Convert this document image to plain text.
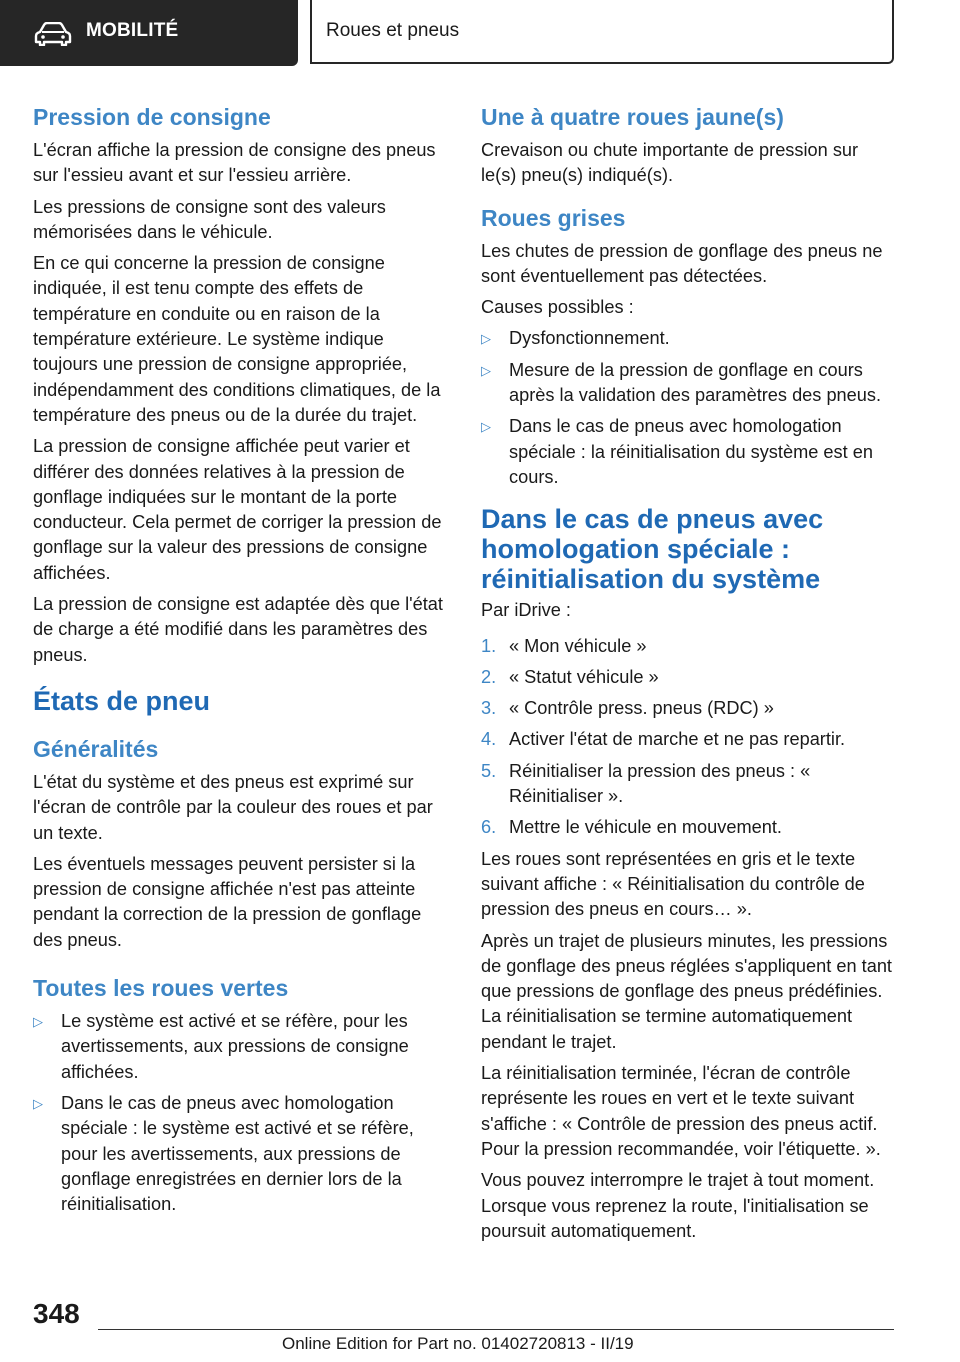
MOBILITÉ	Roues et pneus
Pression de consigne

L'écran affiche la pression de consigne des pneus sur l'essieu avant et sur l'essieu arrière.

Les pressions de consigne sont des valeurs mémorisées dans le véhicule.

En ce qui concerne la pression de consigne indiquée, il est tenu compte des effets de température en conduite ou en raison de la température extérieure. Le système indique toujours une pression de consigne appropriée, indépendamment des conditions climatiques, de la température des pneus ou de la durée du trajet.

La pression de consigne affichée peut varier et différer des données relatives à la pression de gonflage indiquées sur le montant de la porte conducteur. Cela permet de corriger la pression de gonflage sur la valeur des pressions de consigne affichées.

La pression de consigne est adaptée dès que l'état de charge a été modifié dans les paramètres des pneus.

États de pneu
Généralités

L'état du système et des pneus est exprimé sur l'écran de contrôle par la couleur des roues et par un texte.

Les éventuels messages peuvent persister si la pression de consigne affichée n'est pas atteinte pendant la correction de la pression de gonflage des pneus.

Toutes les roues vertes
▷ Le système est activé et se réfère, pour les avertissements, aux pressions de consigne affichées.
▷ Dans le cas de pneus avec homologation spéciale : le système est activé et se réfère, pour les avertissements, aux pressions de gonflage enregistrées en dernier lors de la réinitialisation.
Une à quatre roues jaune(s)

Crevaison ou chute importante de pression sur le(s) pneu(s) indiqué(s).

Roues grises

Les chutes de pression de gonflage des pneus ne sont éventuellement pas détectées.

Causes possibles :

▷ Dysfonctionnement.
▷ Mesure de la pression de gonflage en cours après la validation des paramètres des pneus.
▷ Dans le cas de pneus avec homologation spéciale : la réinitialisation du système est en cours.
Dans le cas de pneus avec homologation spéciale : réinitialisation du système

Par iDrive :

1. « Mon véhicule »
2. « Statut véhicule »
3. « Contrôle press. pneus (RDC) »
4. Activer l'état de marche et ne pas repartir.
5. Réinitialiser la pression des pneus : « Réinitialiser ».
6. Mettre le véhicule en mouvement.

Les roues sont représentées en gris et le texte suivant affiche : « Réinitialisation du contrôle de pression des pneus en cours… ».

Après un trajet de plusieurs minutes, les pressions de gonflage des pneus réglées s'appliquent en tant que pressions de gonflage des pneus prédéfinies. La réinitialisation se termine automatiquement pendant le trajet.

La réinitialisation terminée, l'écran de contrôle représente les roues en vert et le texte suivant s'affiche : « Contrôle de pression des pneus actif. Pour la pression recommandée, voir l'étiquette. ».

Vous pouvez interrompre le trajet à tout moment. Lorsque vous reprenez la route, l'initialisation se poursuit automatiquement.

348
Online Edition for Part no. 01402720813 - II/19
